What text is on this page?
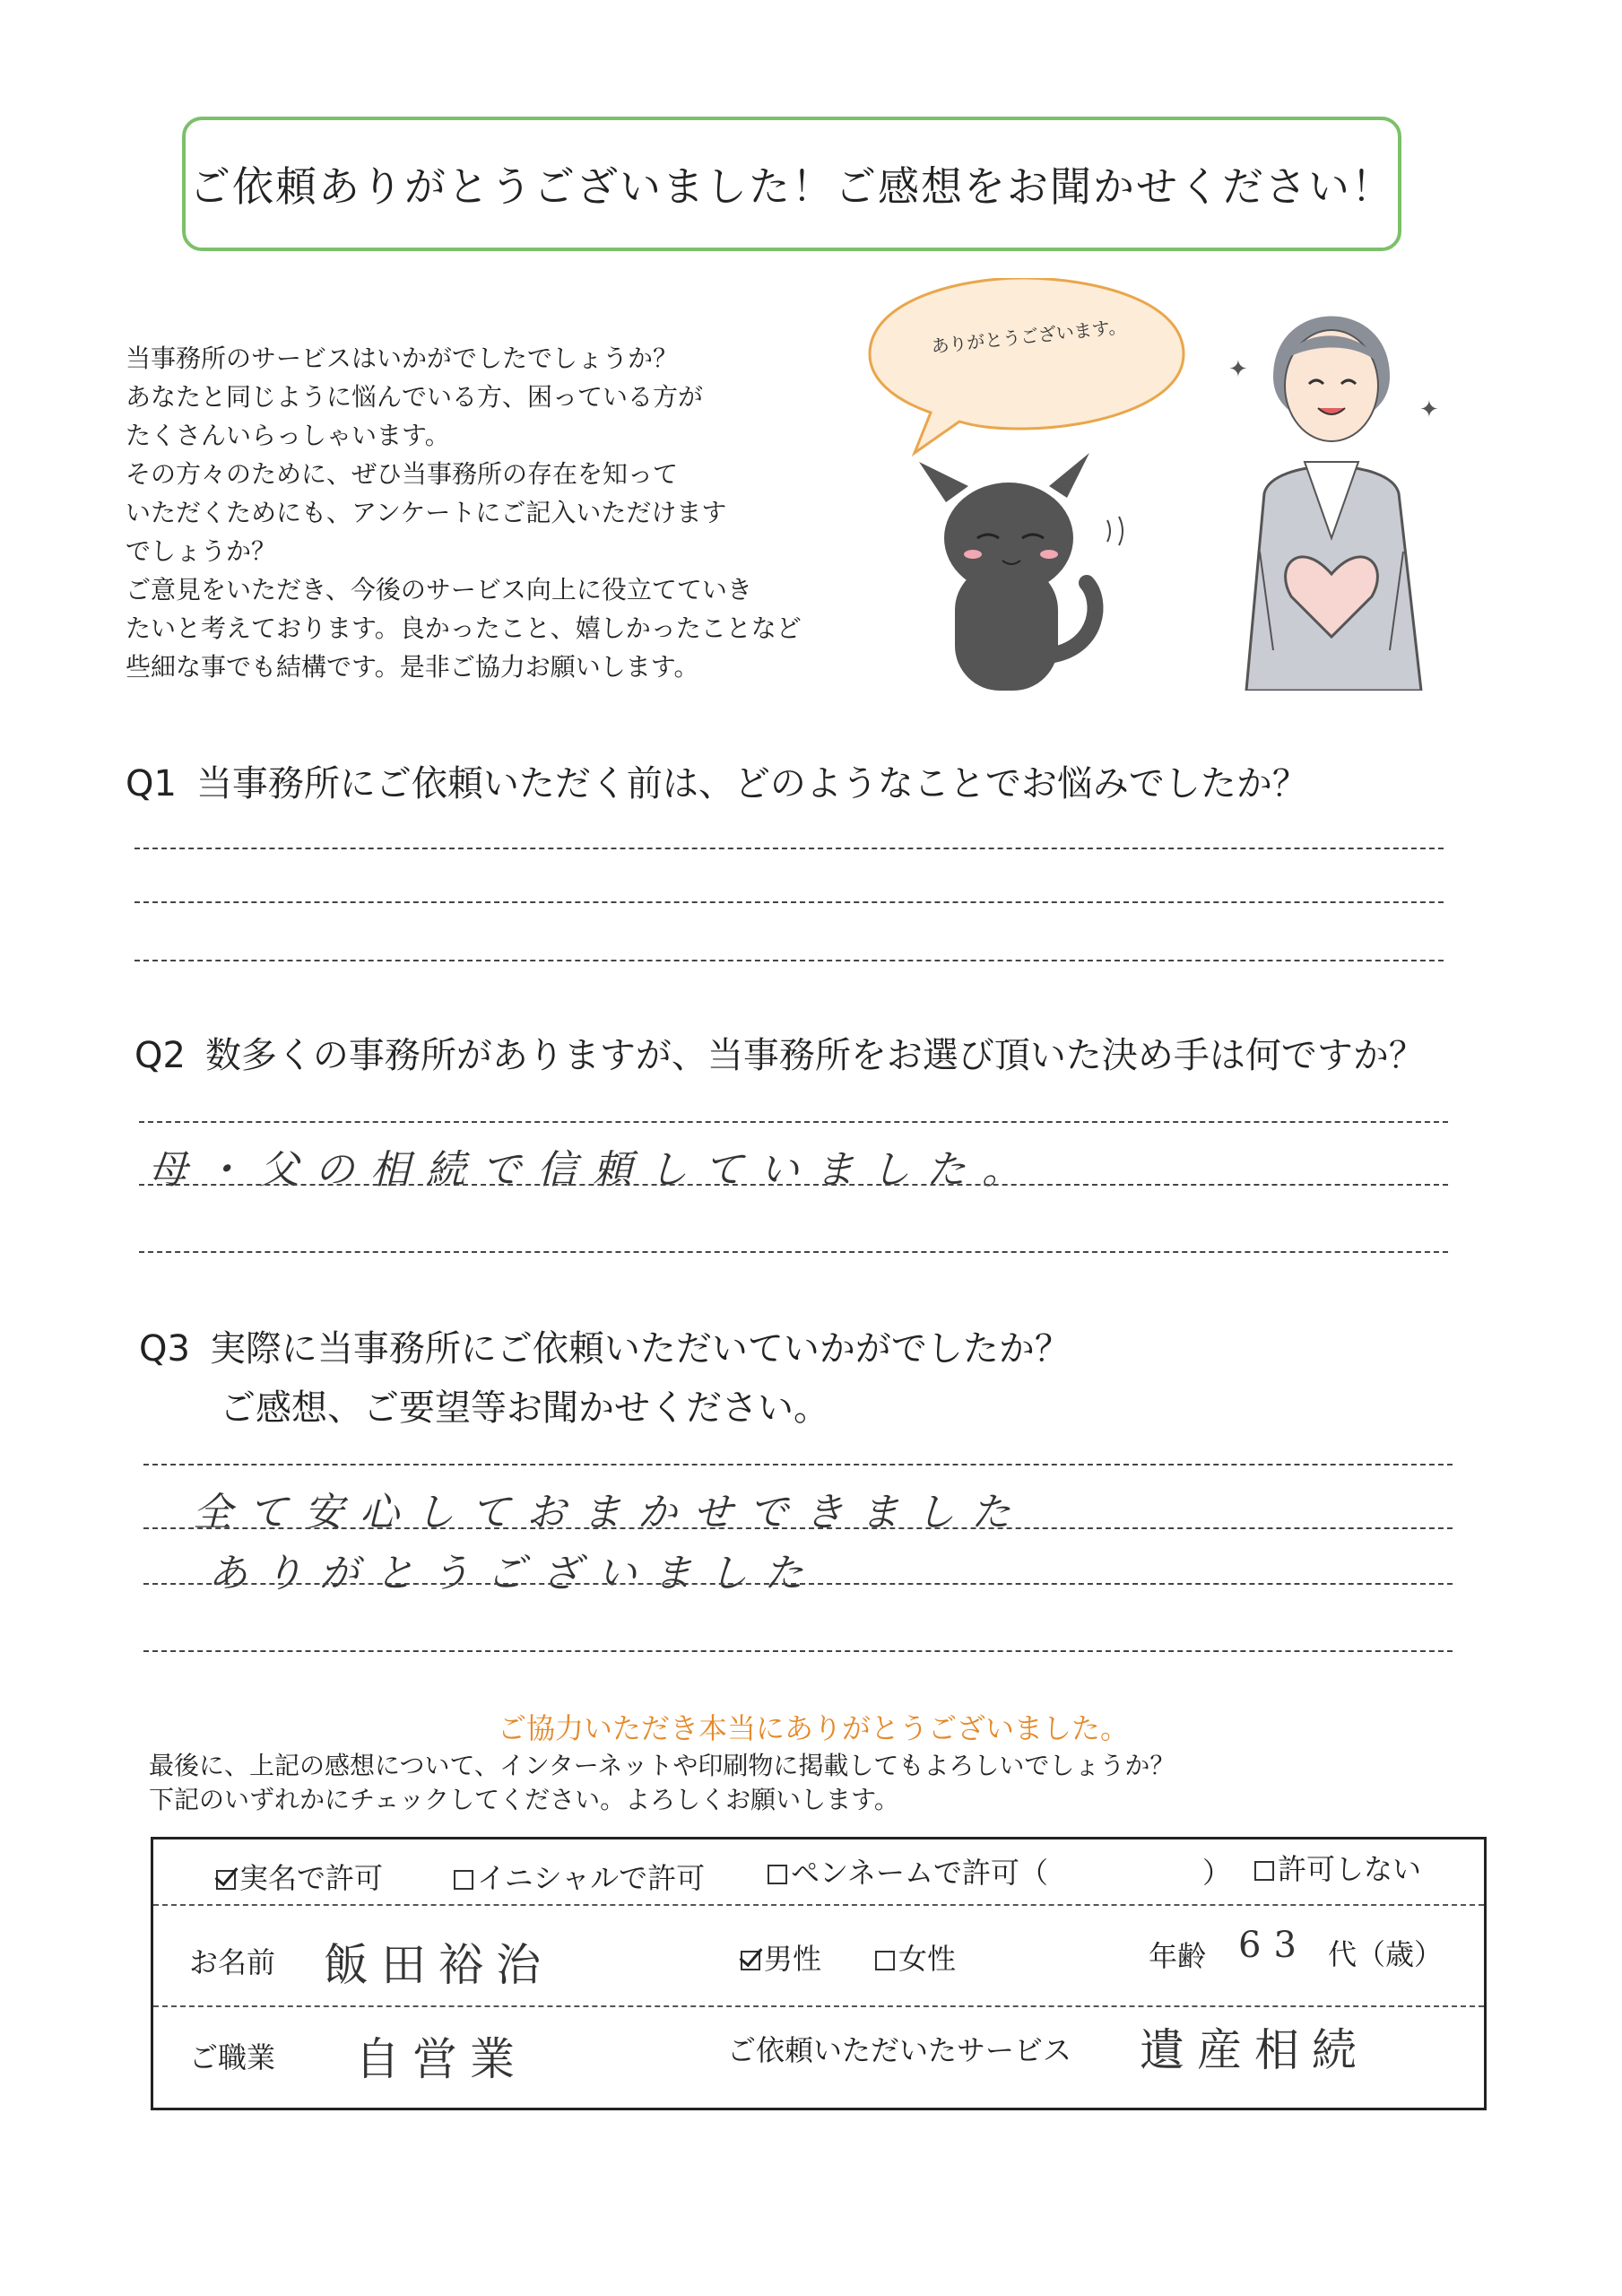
ご依頼ありがとうございました！ご感想をお聞かせください！
当事務所のサービスはいかがでしたでしょうか？
あなたと同じように悩んでいる方、困っている方が
たくさんいらっしゃいます。
その方々のために、ぜひ当事務所の存在を知って
いただくためにも、アンケートにご記入いただけます
でしょうか？
ご意見をいただき、今後のサービス向上に役立てていき
たいと考えております。良かったこと、嬉しかったことなど
些細な事でも結構です。是非ご協力お願いします。
ありがとうございます。
✦
✦
Q1 当事務所にご依頼いただく前は、どのようなことでお悩みでしたか？
Q2 数多くの事務所がありますが、当事務所をお選び頂いた決め手は何ですか？
母・父の相続で信頼していました。
Q3 実際に当事務所にご依頼いただいていかがでしたか？
ご感想、ご要望等お聞かせください。
全て安心しておまかせできました
ありがとうございました
ご協力いただき本当にありがとうございました。
最後に、上記の感想について、インターネットや印刷物に掲載してもよろしいでしょうか？
下記のいずれかにチェックしてください。よろしくお願いします。
実名で許可	イニシャルで許可	ペンネームで許可（	）	許可しない
お名前 飯田裕治	男性	女性	年齢 63 代（歳）
ご職業 自営業	ご依頼いただいたサービス 遺産相続
